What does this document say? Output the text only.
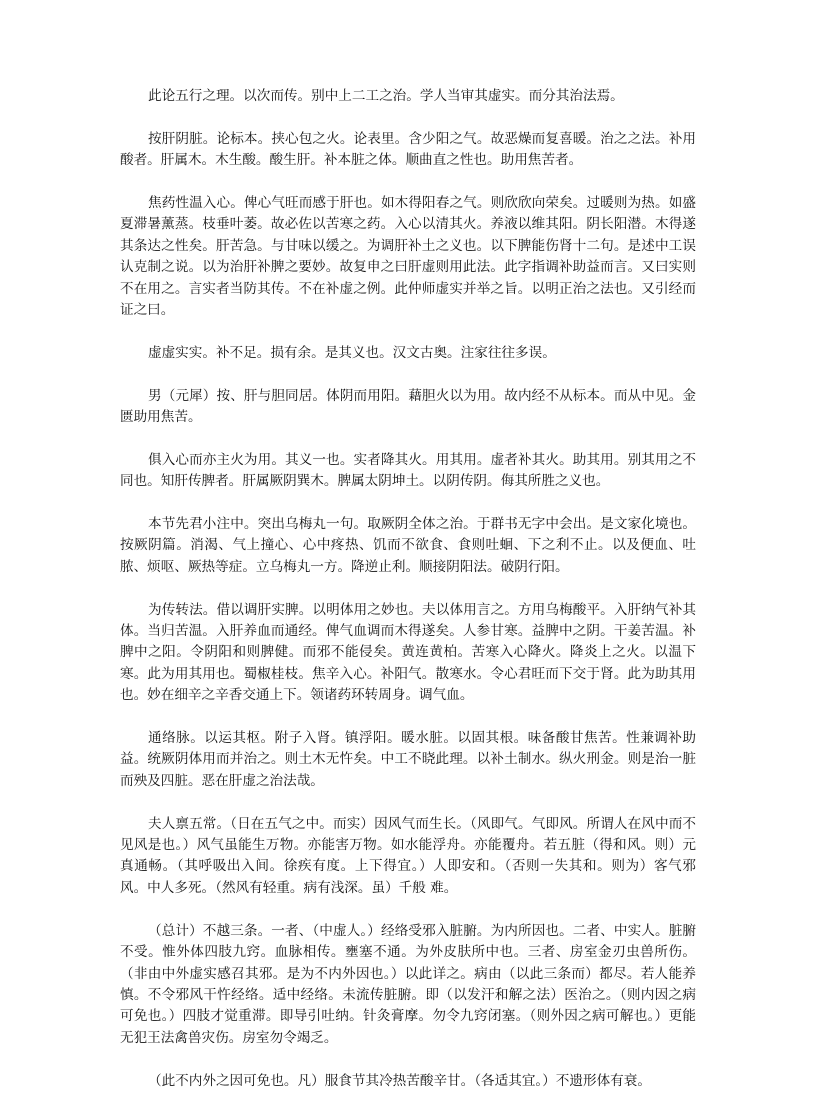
此论五行之理。以次而传。别中上二工之治。学人当审其虚实。而分其治法焉。

按肝阴脏。论标本。挟心包之火。论表里。含少阳之气。故恶燥而复喜暖。治之之法。补用酸者。肝属木。木生酸。酸生肝。补本脏之体。顺曲直之性也。助用焦苦者。

焦药性温入心。俾心气旺而感于肝也。如木得阳春之气。则欣欣向荣矣。过暖则为热。如盛夏滞暑薰蒸。枝垂叶萎。故必佐以苦寒之药。入心以清其火。养液以维其阳。阴长阳潜。木得遂其条达之性矣。肝苦急。与甘味以缓之。为调肝补土之义也。以下脾能伤肾十二句。是述中工误认克制之说。以为治肝补脾之要妙。故复申之曰肝虚则用此法。此字指调补助益而言。又曰实则不在用之。言实者当防其传。不在补虚之例。此仲师虚实并举之旨。以明正治之法也。又引经而证之曰。

虚虚实实。补不足。损有余。是其义也。汉文古奥。注家往往多误。

男（元犀）按、肝与胆同居。体阴而用阳。藉胆火以为用。故内经不从标本。而从中见。金匮助用焦苦。

俱入心而亦主火为用。其义一也。实者降其火。用其用。虚者补其火。助其用。别其用之不同也。知肝传脾者。肝属厥阴巽木。脾属太阴坤土。以阴传阴。侮其所胜之义也。

本节先君小注中。突出乌梅丸一句。取厥阴全体之治。于群书无字中会出。是文家化境也。按厥阴篇。消渴、气上撞心、心中疼热、饥而不欲食、食则吐蛔、下之利不止。以及便血、吐脓、烦呕、厥热等症。立乌梅丸一方。降逆止利。顺接阴阳法。破阴行阳。

为传转法。借以调肝实脾。以明体用之妙也。夫以体用言之。方用乌梅酸平。入肝纳气补其体。当归苦温。入肝养血而通经。俾气血调而木得遂矣。人参甘寒。益脾中之阴。干姜苦温。补脾中之阳。令阴阳和则脾健。而邪不能侵矣。黄连黄柏。苦寒入心降火。降炎上之火。以温下寒。此为用其用也。蜀椒桂枝。焦辛入心。补阳气。散寒水。令心君旺而下交于肾。此为助其用也。妙在细辛之辛香交通上下。领诸药环转周身。调气血。

通络脉。以运其枢。附子入肾。镇浮阳。暖水脏。以固其根。味备酸甘焦苦。性兼调补助益。统厥阴体用而并治之。则土木无忤矣。中工不晓此理。以补土制水。纵火刑金。则是治一脏而殃及四脏。恶在肝虚之治法哉。

夫人禀五常。（日在五气之中。而实）因风气而生长。（风即气。气即风。所谓人在风中而不见风是也。）风气虽能生万物。亦能害万物。如水能浮舟。亦能覆舟。若五脏（得和风。则）元真通畅。（其呼吸出入间。徐疾有度。上下得宜。）人即安和。（否则一失其和。则为）客气邪风。中人多死。（然风有轻重。病有浅深。虽）千般 难。

（总计）不越三条。一者、（中虚人。）经络受邪入脏腑。为内所因也。二者、中实人。脏腑不受。惟外体四肢九窍。血脉相传。壅塞不通。为外皮肤所中也。三者、房室金刃虫兽所伤。（非由中外虚实感召其邪。是为不内外因也。）以此详之。病由（以此三条而）都尽。若人能养慎。不令邪风干忤经络。适中经络。未流传脏腑。即（以发汗和解之法）医治之。（则内因之病可免也。）四肢才觉重滞。即导引吐纳。针灸膏摩。勿令九窍闭塞。（则外因之病可解也。）更能无犯王法禽兽灾伤。房室勿令竭乏。

（此不内外之因可免也。凡）服食节其冷热苦酸辛甘。（各适其宜。）不遗形体有衰。
